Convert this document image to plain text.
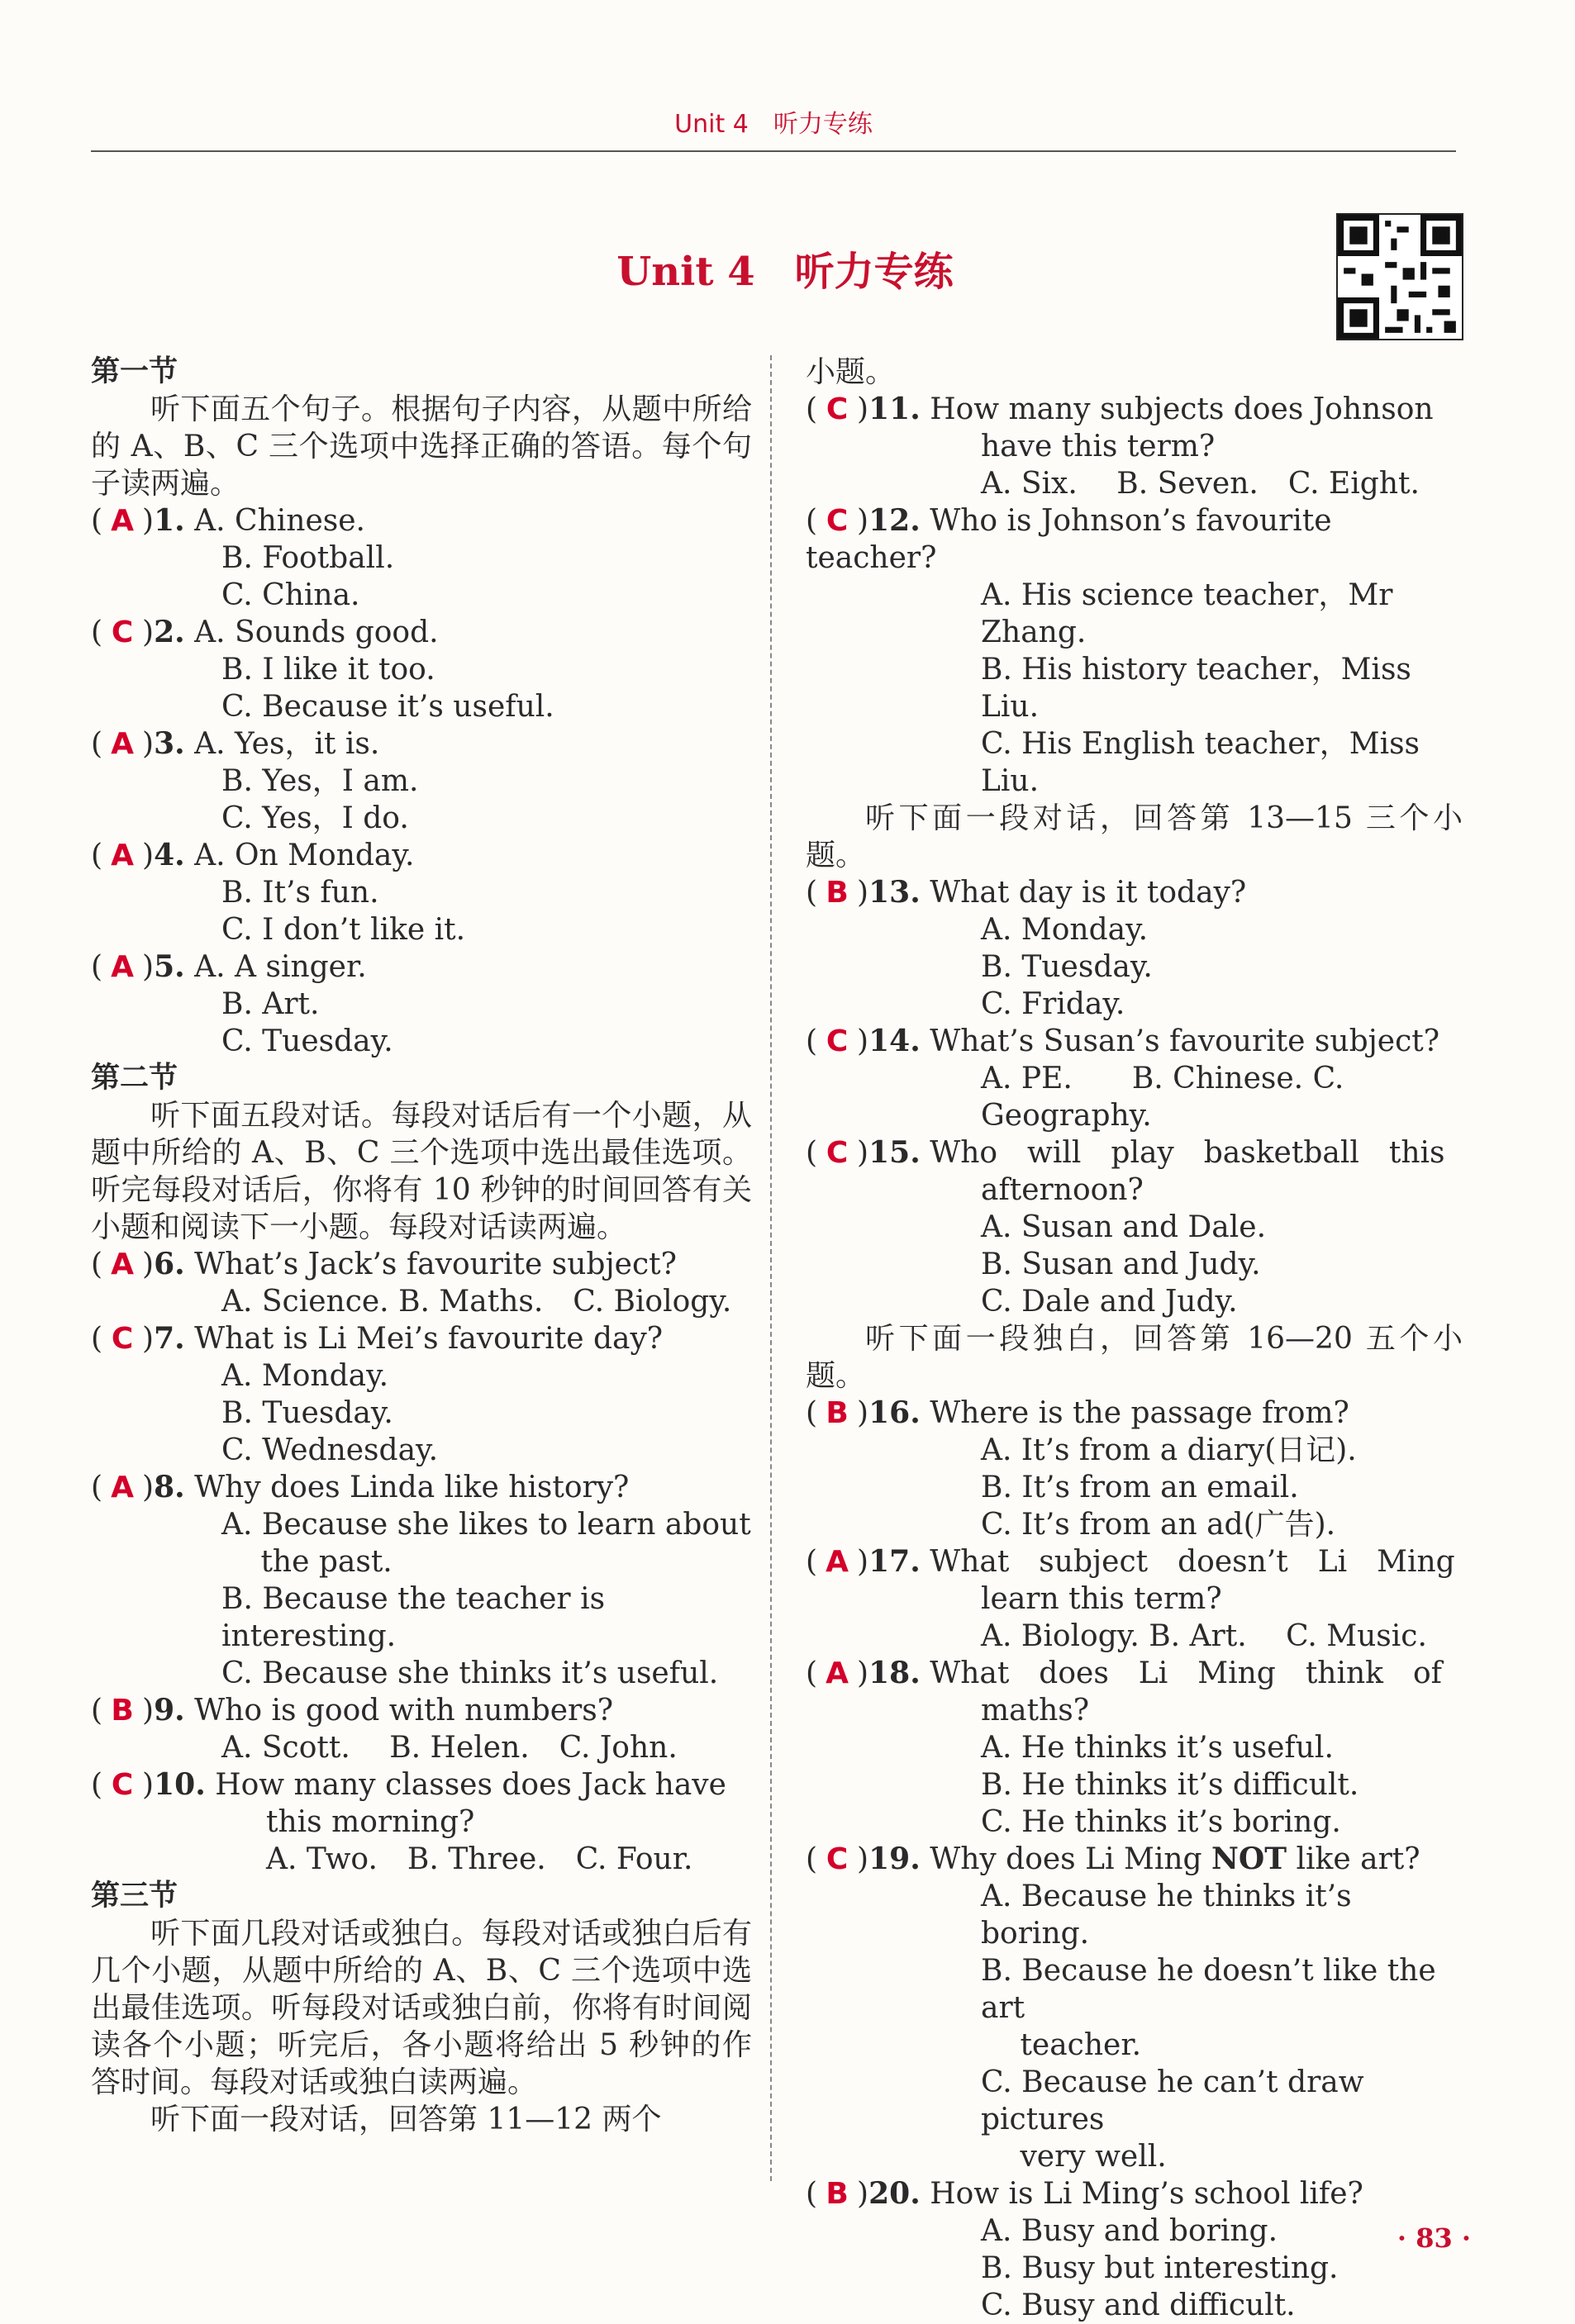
Unit 4　听力专练
Unit 4　听力专练
第一节
听下面五个句子。根据句子内容，从题中所给的 A、B、C 三个选项中选择正确的答语。每个句子读两遍。
( A )1. A. Chinese.
B. Football.
C. China.
( C )2. A. Sounds good.
B. I like it too.
C. Because it’s useful.
( A )3. A. Yes，it is.
B. Yes，I am.
C. Yes，I do.
( A )4. A. On Monday.
B. It’s fun.
C. I don’t like it.
( A )5. A. A singer.
B. Art.
C. Tuesday.
第二节
听下面五段对话。每段对话后有一个小题，从题中所给的 A、B、C 三个选项中选出最佳选项。听完每段对话后，你将有 10 秒钟的时间回答有关小题和阅读下一小题。每段对话读两遍。
( A )6. What’s Jack’s favourite subject?
A. Science. B. Maths.　C. Biology.
( C )7. What is Li Mei’s favourite day?
A. Monday.
B. Tuesday.
C. Wednesday.
( A )8. Why does Linda like history?
A. Because she likes to learn about
　 the past.
B. Because the teacher is interesting.
C. Because she thinks it’s useful.
( B )9. Who is good with numbers?
A. Scott.　 B. Helen.　C. John.
( C )10. How many classes does Jack have
this morning?
A. Two.　B. Three.　C. Four.
第三节
听下面几段对话或独白。每段对话或独白后有几个小题，从题中所给的 A、B、C 三个选项中选出最佳选项。听每段对话或独白前，你将有时间阅读各个小题；听完后，各小题将给出 5 秒钟的作答时间。每段对话或独白读两遍。
听下面一段对话，回答第 11—12 两个
小题。
( C )11. How many subjects does Johnson
have this term?
A. Six.　 B. Seven.　C. Eight.
( C )12. Who is Johnson’s favourite teacher?
A. His science teacher，Mr Zhang.
B. His history teacher，Miss Liu.
C. His English teacher，Miss Liu.
听下面一段对话，回答第 13—15 三个小题。
( B )13. What day is it today?
A. Monday.
B. Tuesday.
C. Friday.
( C )14. What’s Susan’s favourite subject?
A. PE.　　B. Chinese. C. Geography.
( C )15. Who　will　play　basketball　this
afternoon?
A. Susan and Dale.
B. Susan and Judy.
C. Dale and Judy.
听下面一段独白，回答第 16—20 五个小题。
( B )16. Where is the passage from?
A. It’s from a diary(日记).
B. It’s from an email.
C. It’s from an ad(广告).
( A )17. What　subject　doesn’t　Li　Ming
learn this term?
A. Biology. B. Art.　 C. Music.
( A )18. What　does　Li　Ming　think　of
maths?
A. He thinks it’s useful.
B. He thinks it’s difficult.
C. He thinks it’s boring.
( C )19. Why does Li Ming NOT like art?
A. Because he thinks it’s boring.
B. Because he doesn’t like the art
　 teacher.
C. Because he can’t draw pictures
　 very well.
( B )20. How is Li Ming’s school life?
A. Busy and boring.
B. Busy but interesting.
C. Busy and difficult.
· 83 ·
